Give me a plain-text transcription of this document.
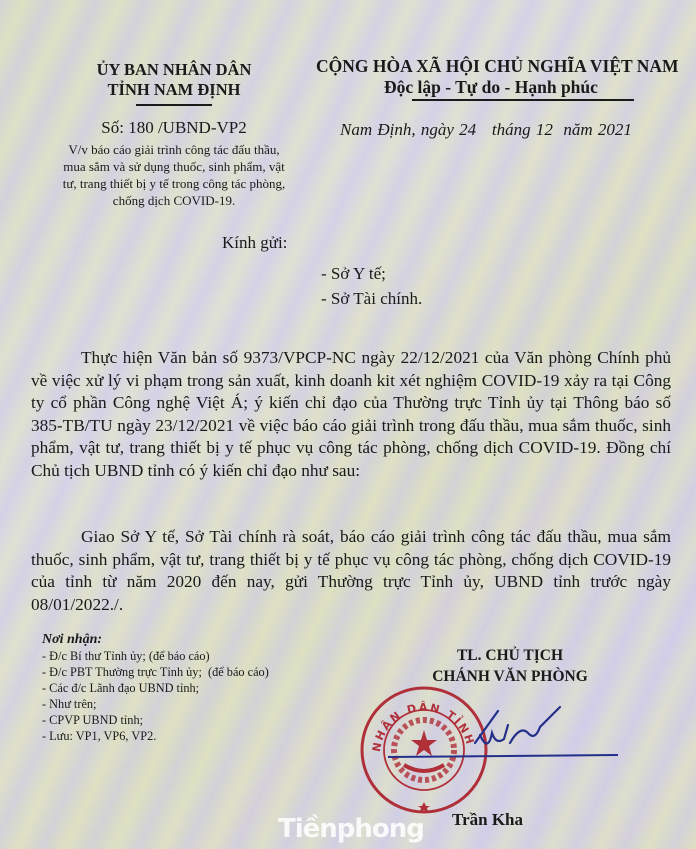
ỦY BAN NHÂN DÂN
TỈNH NAM ĐỊNH
CỘNG HÒA XÃ HỘI CHỦ NGHĨA VIỆT NAM
Độc lập - Tự do - Hạnh phúc
Số: 180 /UBND-VP2
V/v báo cáo giải trình công tác đấu thầu,
mua sắm và sử dụng thuốc, sinh phẩm, vật
tư, trang thiết bị y tế trong công tác phòng,
chống dịch COVID-19.
Nam Định, ngày 24   tháng 12  năm 2021
Kính gửi:
- Sở Y tế;
- Sở Tài chính.
Thực hiện Văn bản số 9373/VPCP-NC ngày 22/12/2021 của Văn phòng Chính phủ về việc xử lý vi phạm trong sản xuất, kinh doanh kit xét nghiệm COVID-19 xảy ra tại Công ty cổ phần Công nghệ Việt Á; ý kiến chỉ đạo của Thường trực Tỉnh ủy tại Thông báo số 385-TB/TU ngày 23/12/2021 về việc báo cáo giải trình trong đấu thầu, mua sắm thuốc, sinh phẩm, vật tư, trang thiết bị y tế phục vụ công tác phòng, chống dịch COVID-19. Đồng chí Chủ tịch UBND tỉnh có ý kiến chỉ đạo như sau:
Giao Sở Y tế, Sở Tài chính rà soát, báo cáo giải trình công tác đấu thầu, mua sắm thuốc, sinh phẩm, vật tư, trang thiết bị y tế phục vụ công tác phòng, chống dịch COVID-19 của tỉnh từ năm 2020 đến nay, gửi Thường trực Tỉnh ủy, UBND tỉnh trước ngày 08/01/2022./.
Nơi nhận:
- Đ/c Bí thư Tỉnh ủy; (để báo cáo)
- Đ/c PBT Thường trực Tỉnh ủy;  (để báo cáo)
- Các đ/c Lãnh đạo UBND tỉnh;
- Như trên;
- CPVP UBND tỉnh;
- Lưu: VP1, VP6, VP2.
TL. CHỦ TỊCH
CHÁNH VĂN PHÒNG
NHÂN DÂN TỈNH
Trần Kha
Tiềnphong
